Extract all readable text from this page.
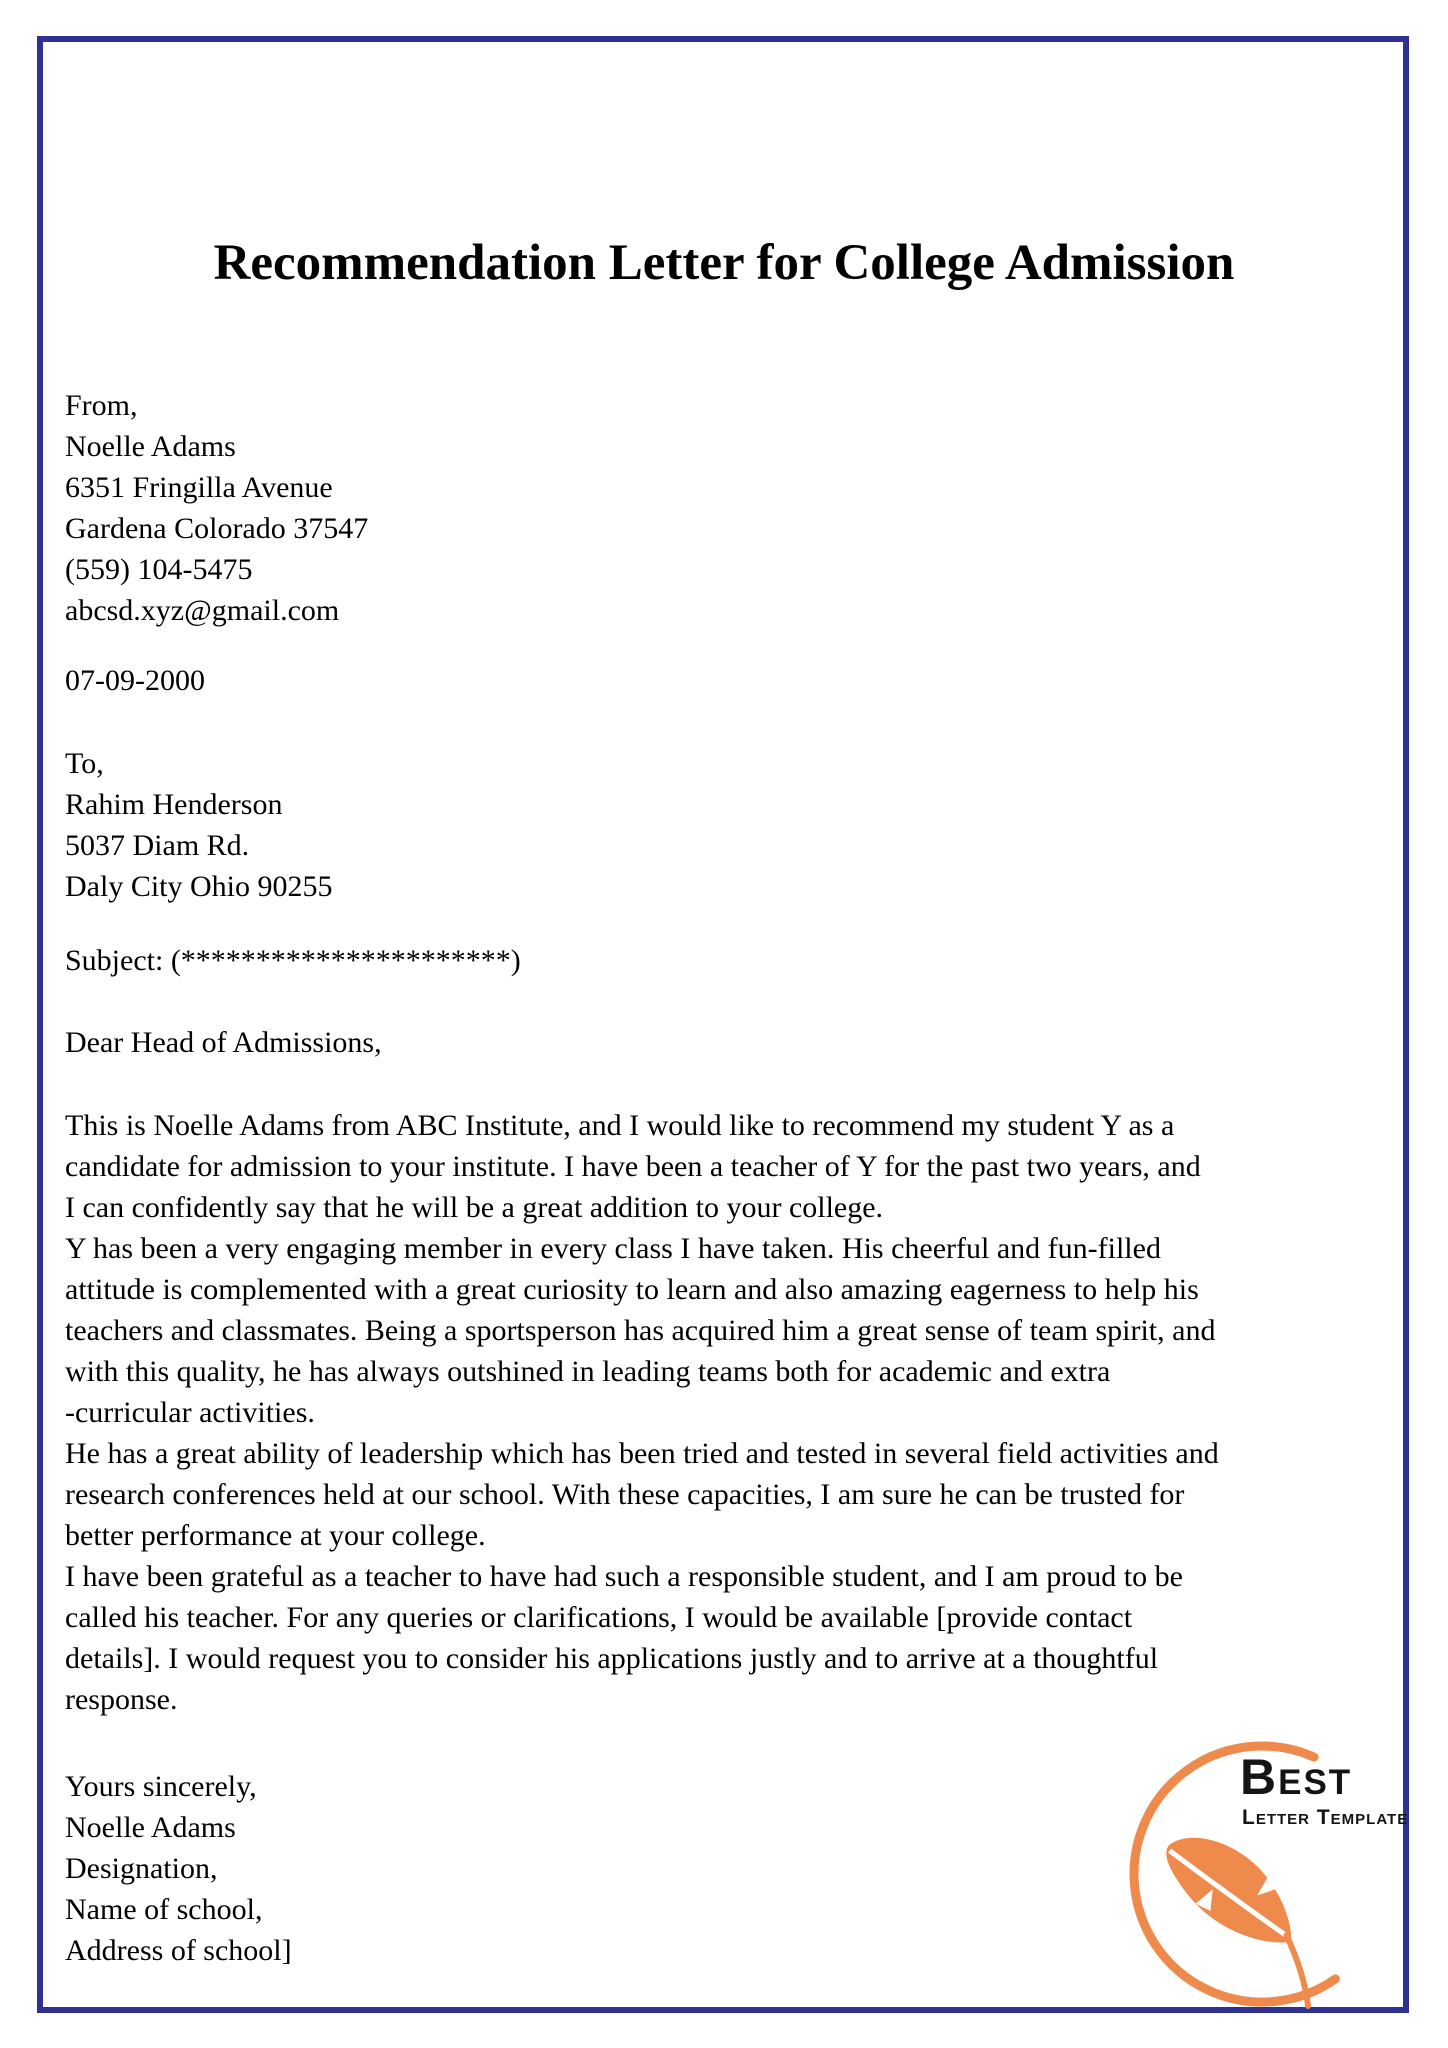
Recommendation Letter for College Admission
From,
Noelle Adams
6351 Fringilla Avenue
Gardena Colorado 37547
(559) 104-5475
abcsd.xyz@gmail.com
07-09-2000
To,
Rahim Henderson
5037 Diam Rd.
Daly City Ohio 90255
Subject: (**********************)
Dear Head of Admissions,
This is Noelle Adams from ABC Institute, and I would like to recommend my student Y as a
candidate for admission to your institute. I have been a teacher of Y for the past two years, and
I can confidently say that he will be a great addition to your college.
Y has been a very engaging member in every class I have taken. His cheerful and fun-filled
attitude is complemented with a great curiosity to learn and also amazing eagerness to help his
teachers and classmates. Being a sportsperson has acquired him a great sense of team spirit, and
with this quality, he has always outshined in leading teams both for academic and extra
-curricular activities.
He has a great ability of leadership which has been tried and tested in several field activities and
research conferences held at our school. With these capacities, I am sure he can be trusted for
better performance at your college.
I have been grateful as a teacher to have had such a responsible student, and I am proud to be
called his teacher. For any queries or clarifications, I would be available [provide contact
details]. I would request you to consider his applications justly and to arrive at a thoughtful
response.
Yours sincerely,
Noelle Adams
Designation,
Name of school,
Address of school]
Best
Letter Template
